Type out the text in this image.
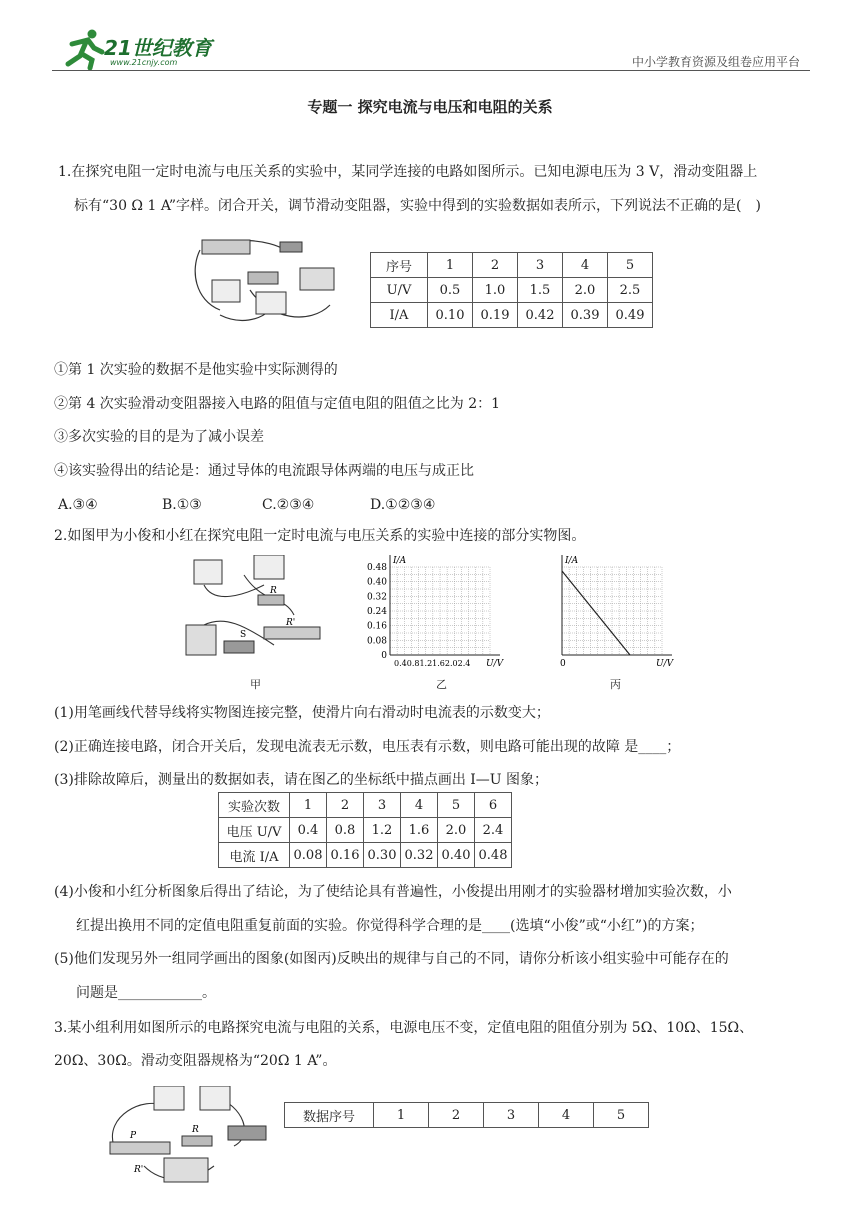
21世纪教育
www.21cnjy.com	中小学教育资源及组卷应用平台
专题一 探究电流与电压和电阻的关系
1.在探究电阻一定时电流与电压关系的实验中，某同学连接的电路如图所示。已知电源电压为 3 V，滑动变阻器上
标有“30 Ω 1 A”字样。闭合开关，调节滑动变阻器，实验中得到的实验数据如表所示，下列说法不正确的是(　)
序号	1	2	3	4	5
U/V	0.5	1.0	1.5	2.0	2.5
I/A	0.10	0.19	0.42	0.39	0.49
①第 1 次实验的数据不是他实验中实际测得的
②第 4 次实验滑动变阻器接入电路的阻值与定值电阻的阻值之比为 2：1
③多次实验的目的是为了减小误差
④该实验得出的结论是：通过导体的电流跟导体两端的电压与成正比
A.③④	B.①③	C.②③④	D.①②③④
2.如图甲为小俊和小红在探究电阻一定时电流与电压关系的实验中连接的部分实物图。
R
S
R'
甲
I/A
0.48
0.40
0.32
0.24
0.16
0.08
0
0.40.81.21.62.02.4 U/V
乙
I/A
0	U/V
丙
(1)用笔画线代替导线将实物图连接完整，使滑片向右滑动时电流表的示数变大；
(2)正确连接电路，闭合开关后，发现电流表无示数，电压表有示数，则电路可能出现的故障 是____；
(3)排除故障后，测量出的数据如表，请在图乙的坐标纸中描点画出 I—U 图象；
实验次数	1	2	3	4	5	6
电压 U/V	0.4	0.8	1.2	1.6	2.0	2.4
电流 I/A	0.08	0.16	0.30	0.32	0.40	0.48
(4)小俊和小红分析图象后得出了结论，为了使结论具有普遍性，小俊提出用刚才的实验器材增加实验次数，小
红提出换用不同的定值电阻重复前面的实验。你觉得科学合理的是____(选填“小俊”或“小红”)的方案；
(5)他们发现另外一组同学画出的图象(如图丙)反映出的规律与自己的不同，请你分析该小组实验中可能存在的
问题是____________。
3.某小组利用如图所示的电路探究电流与电阻的关系，电源电压不变，定值电阻的阻值分别为 5Ω、10Ω、15Ω、
20Ω、30Ω。滑动变阻器规格为“20Ω 1 A”。
P
R'
R
数据序号	1	2	3	4	5
